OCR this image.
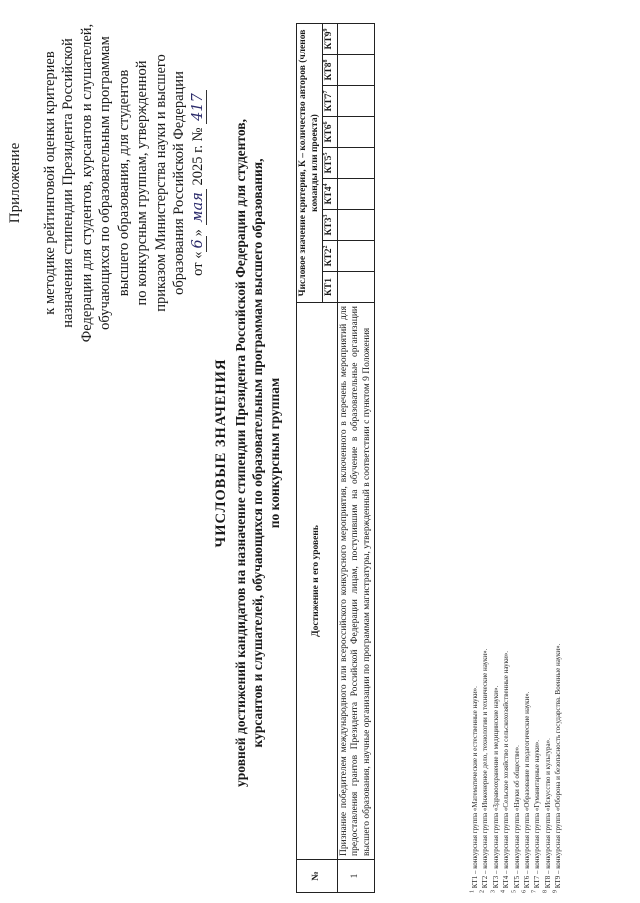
Приложение к методике рейтинговой оценки критериев назначения стипендии Президента Российской Федерации для студентов, курсантов и слушателей, обучающихся по образовательным программам высшего образования, для студентов по конкурсным группам, утвержденной приказом Министерства науки и высшего образования Российской Федерации от «6» мая 2025 г. № 417
ЧИСЛОВЫЕ ЗНАЧЕНИЯ уровней достижений кандидатов на назначение стипендии Президента Российской Федерации для студентов, курсантов и слушателей, обучающихся по образовательным программам высшего образования, по конкурсным группам
№	Достижение и его уровень	Числовое значение критерия, К – количество авторов (членов команды или проекта)								
		КТ1	$КТ2^2$	$КТ3^3$	$КТ4^4$	$КТ5^5$	$КТ6^6$	$КТ7^7$	$КТ8^8$	$КТ9^9$
1	Признание победителем международного или всероссийского конкурсного мероприятия, включенного в перечень мероприятий для предоставления грантов Президента Российской Федерации лицам, поступившим на обучение в образовательные организации высшего образования, научные организации по программам магистратуры, утвержденный в соответствии с пунктом 9 Положения									
$^1$ КТ1 – конкурсная группа «Математические и естественные науки».
$^2$ КТ2 – конкурсная группа «Инженерное дело, технологии и технические науки».
$^3$ КТ3 – конкурсная группа «Здравоохранение и медицинские науки».
$^4$ КТ4 – конкурсная группа «Сельское хозяйство и сельскохозяйственные науки».
$^5$ КТ5 – конкурсная группа «Науки об обществе».
$^6$ КТ6 – конкурсная группа «Образование и педагогические науки».
$^7$ КТ7 – конкурсная группа «Гуманитарные науки».
$^8$ КТ8 – конкурсная группа «Искусство и культура».
$^9$ КТ9 – конкурсная группа «Оборона и безопасность государства. Военные науки».
